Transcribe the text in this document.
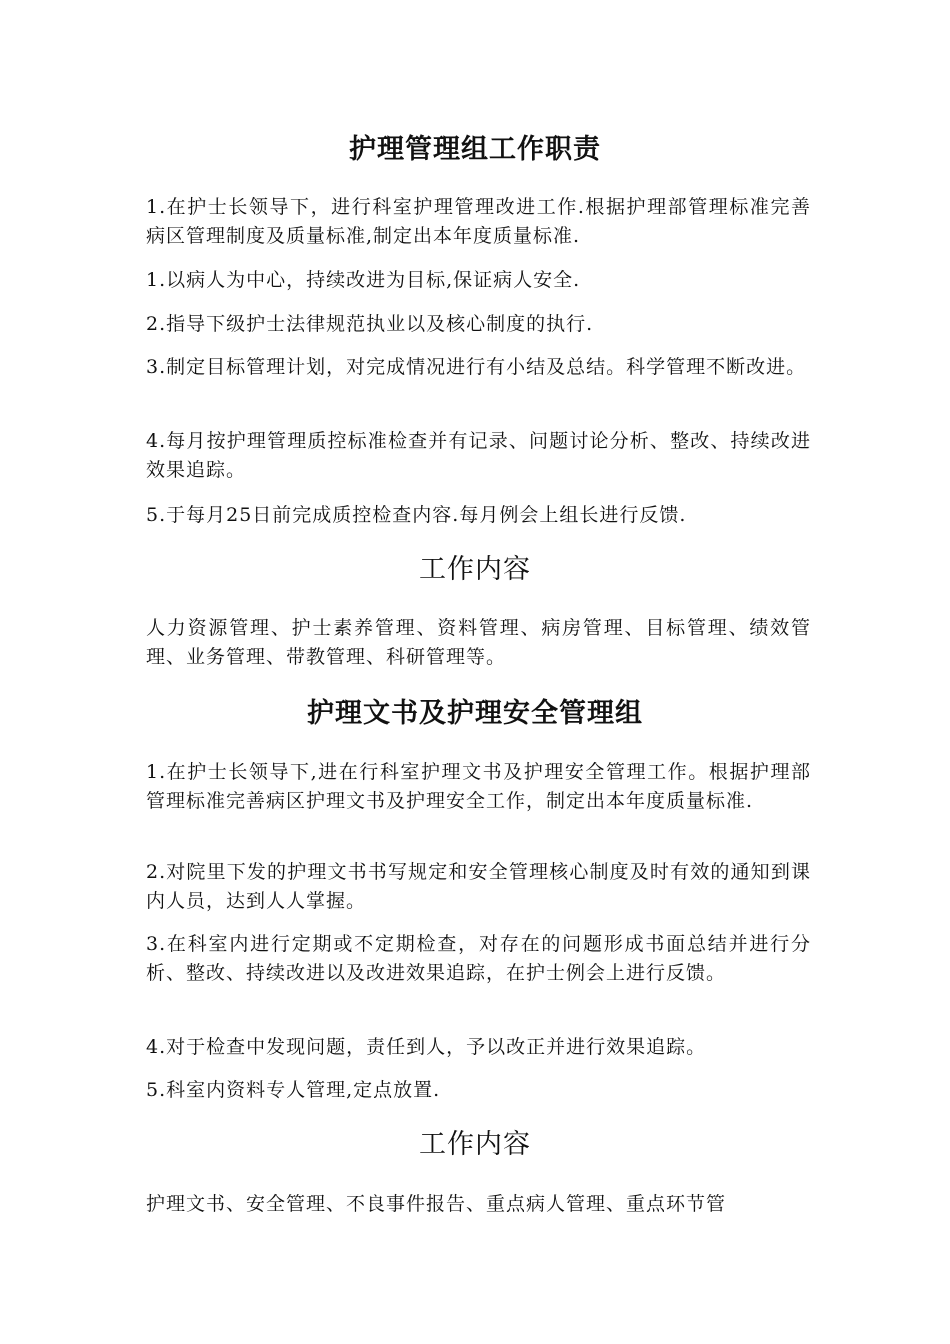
护理管理组工作职责

1.在护士长领导下，进行科室护理管理改进工作.根据护理部管理标准完善病区管理制度及质量标准,制定出本年度质量标准.

1.以病人为中心，持续改进为目标,保证病人安全.

2.指导下级护士法律规范执业以及核心制度的执行.

3.制定目标管理计划，对完成情况进行有小结及总结。科学管理不断改进。

4.每月按护理管理质控标准检查并有记录、问题讨论分析、整改、持续改进效果追踪。

5.于每月25日前完成质控检查内容.每月例会上组长进行反馈.

工作内容

人力资源管理、护士素养管理、资料管理、病房管理、目标管理、绩效管理、业务管理、带教管理、科研管理等。

护理文书及护理安全管理组

1.在护士长领导下,进在行科室护理文书及护理安全管理工作。根据护理部管理标准完善病区护理文书及护理安全工作，制定出本年度质量标准.

2.对院里下发的护理文书书写规定和安全管理核心制度及时有效的通知到课内人员，达到人人掌握。

3.在科室内进行定期或不定期检查，对存在的问题形成书面总结并进行分析、整改、持续改进以及改进效果追踪，在护士例会上进行反馈。

4.对于检查中发现问题，责任到人，予以改正并进行效果追踪。

5.科室内资料专人管理,定点放置.

工作内容

护理文书、安全管理、不良事件报告、重点病人管理、重点环节管
